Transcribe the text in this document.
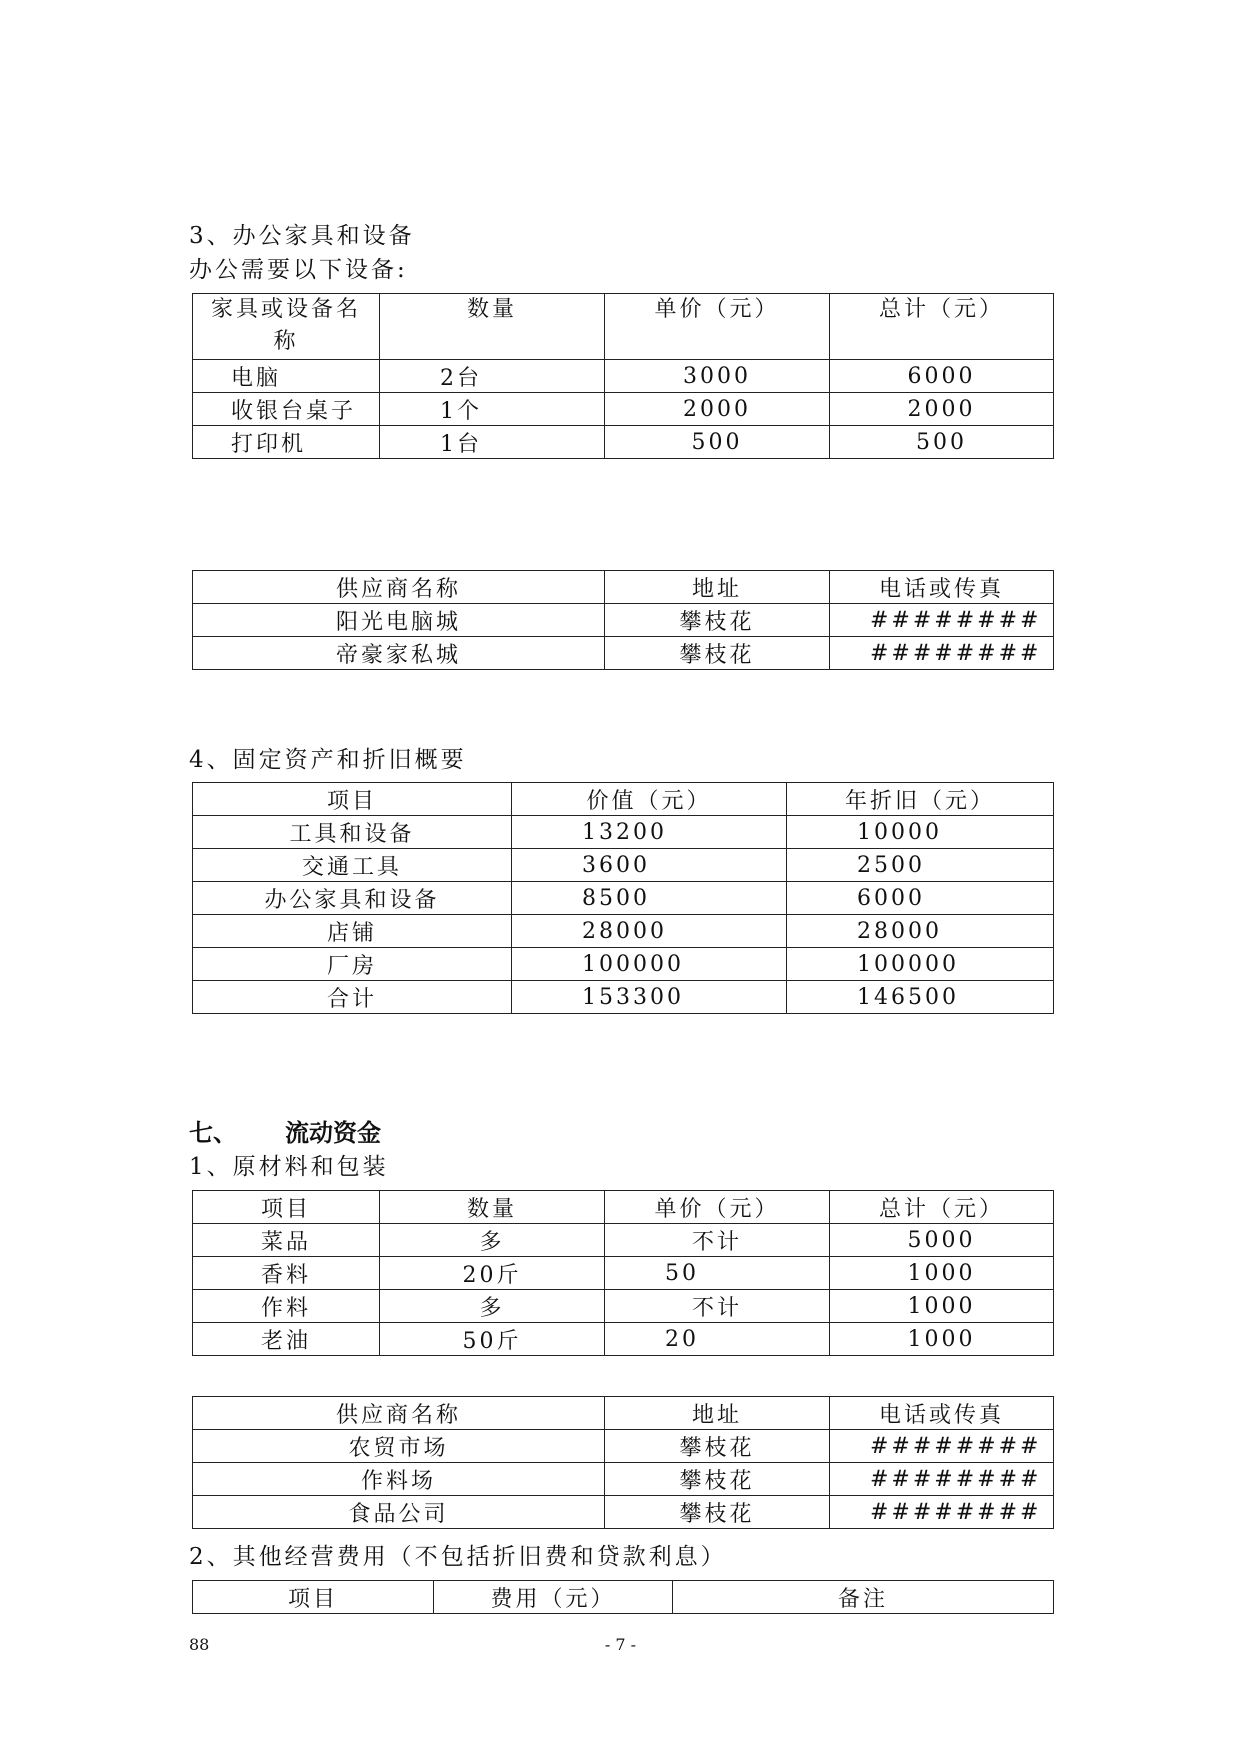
3、办公家具和设备
办公需要以下设备:
家具或设备名称	数量	单价（元）	总计（元）
电脑	2台	3000	6000
收银台桌子	1个	2000	2000
打印机	1台	500	500
供应商名称	地址	电话或传真
阳光电脑城	攀枝花	########
帝豪家私城	攀枝花	########
4、固定资产和折旧概要
项目	价值（元）	年折旧（元）
工具和设备	13200	10000
交通工具	3600	2500
办公家具和设备	8500	6000
店铺	28000	28000
厂房	100000	100000
合计	153300	146500
七、 流动资金
1、原材料和包装
项目	数量	单价（元）	总计（元）
菜品	多	不计	5000
香料	20斤	50	1000
作料	多	不计	1000
老油	50斤	20	1000
供应商名称	地址	电话或传真
农贸市场	攀枝花	########
作料场	攀枝花	########
食品公司	攀枝花	########
2、其他经营费用（不包括折旧费和贷款利息）
项目	费用（元）	备注
88	- 7 -
